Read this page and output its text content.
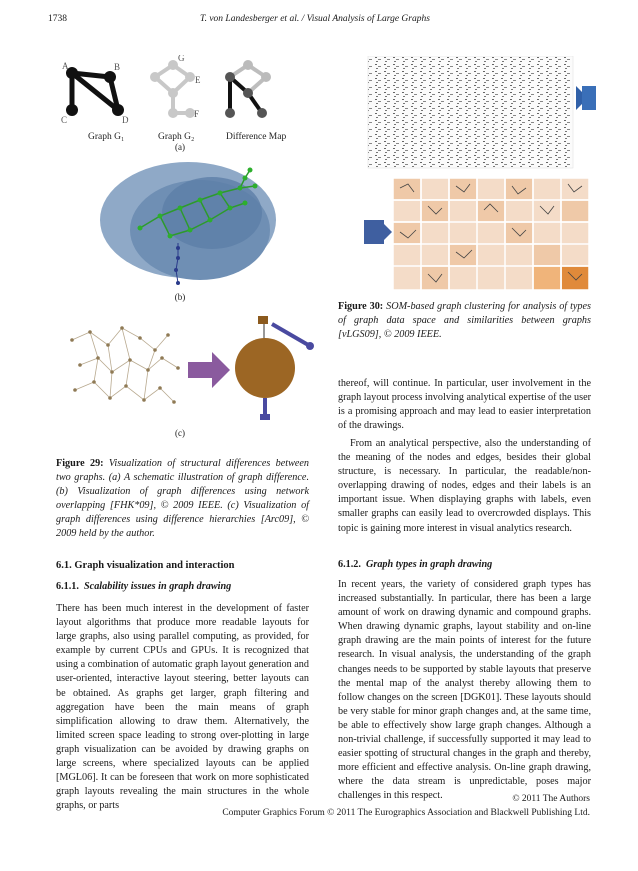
1738	T. von Landesberger et al. / Visual Analysis of Large Graphs
A	B
C	D
E
F
G
Graph G₁	Graph G₂	Difference Map
(a)
(b)
(c)

Figure 29: Visualization of structural differences between two graphs. (a) A schematic illustration of graph difference. (b) Visualization of graph differences using network overlapping [FHK*09], © 2009 IEEE. (c) Visualization of graph differences using difference hierarchies [Arc09], © 2009 held by the author.

Figure 30: SOM-based graph clustering for analysis of types of graph data space and similarities between graphs [vLGS09], © 2009 IEEE.

6.1. Graph visualization and interaction
6.1.1. Scalability issues in graph drawing

There has been much interest in the development of faster layout algorithms that produce more readable layouts for large graphs, also using parallel computing, as provided, for example by current CPUs and GPUs. It is recognized that using a combination of automatic graph layout generation and user-oriented, interactive layout steering, better layouts can be obtained. As graphs get larger, graph filtering and aggregation have been the main means of graph simplification allowing to draw them. Alternatively, the limited screen space leading to strong over-plotting in large graph visualization can be avoided by drawing graphs on large screens, where specialized layouts can be applied [MGL06]. It can be foreseen that work on more sophisticated graph layouts revealing the main structures in the whole graphs, or parts

thereof, will continue. In particular, user involvement in the graph layout process involving analytical expertise of the user is a promising approach and may lead to easier interpretation of the drawings.

From an analytical perspective, also the understanding of the meaning of the nodes and edges, besides their global structure, is necessary. In particular, the readable/non-overlapping drawing of nodes, edges and their labels is an important issue. When displaying graphs with labels, even smaller graphs can easily lead to overcrowded displays. This topic is gaining more interest in visual analytics research.

6.1.2. Graph types in graph drawing

In recent years, the variety of considered graph types has increased substantially. In particular, there has been a large amount of work on drawing dynamic and compound graphs. When drawing dynamic graphs, layout stability and on-line graph drawing are the main points of interest for the future research. In visual analysis, the understanding of the graph changes needs to be supported by stable layouts that preserve the mental map of the analyst thereby allowing them to follow changes on the screen [DGK01]. These layouts should be very stable for minor graph changes and, at the same time, be able to effectively show large graph changes. Although a non-trivial challenge, if successfully supported it may lead to easier spotting of structural changes in the graph and thereby, more efficient and effective analysis. On-line graph drawing, where the data stream is unpredictable, poses major challenges in this respect.	© 2011 The Authors
Computer Graphics Forum © 2011 The Eurographics Association and Blackwell Publishing Ltd.
